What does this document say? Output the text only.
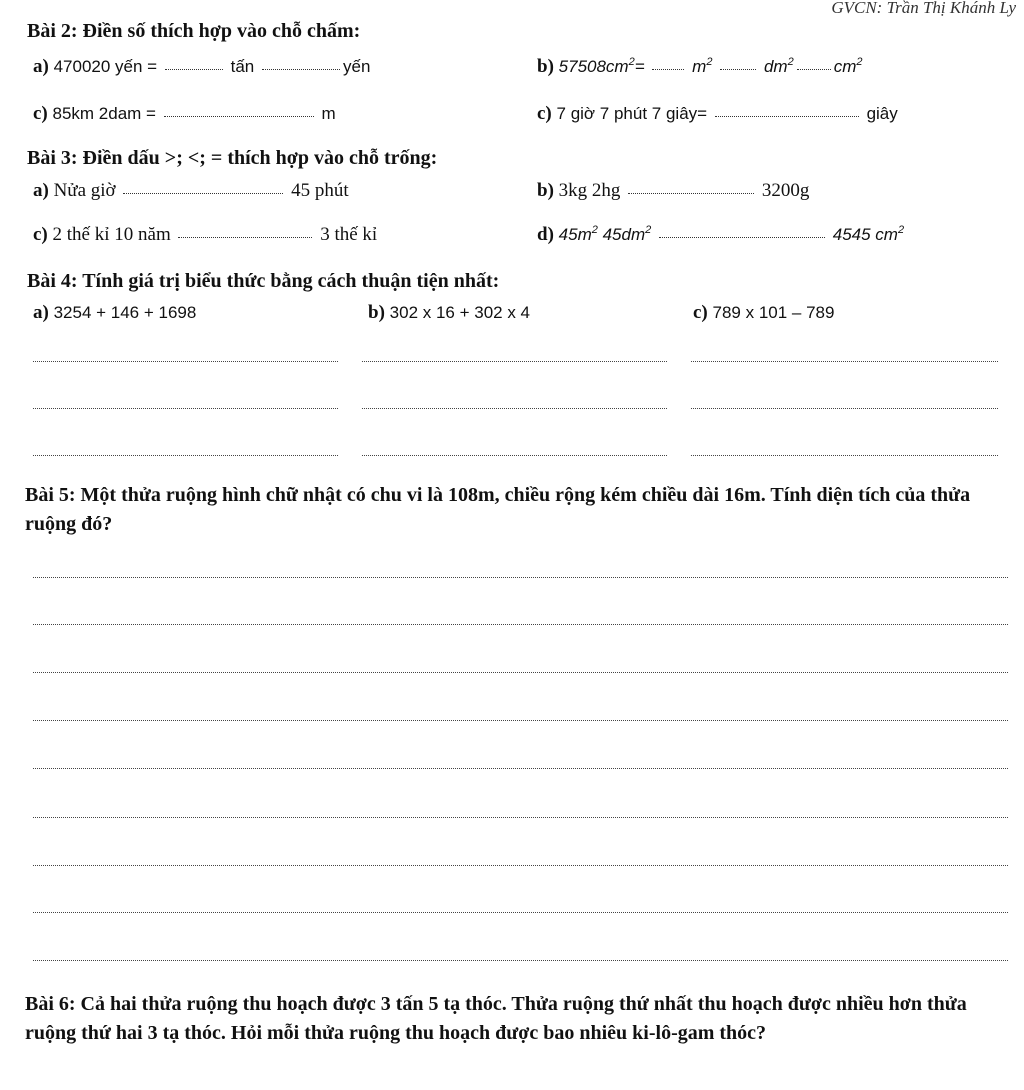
GVCN: Trần Thị Khánh Ly
Bài 2: Điền số thích hợp vào chỗ chấm:
a) 470020 yến =	tấn	yến	b) $57508cm^2=$	$m^2$	$dm^2$ $cm^2$
c) 85km 2dam =	m	c) 7 giờ 7 phút 7 giây=	giây
Bài 3: Điền dấu >; <; = thích hợp vào chỗ trống:
a) Nửa giờ	45 phút	b) 3kg 2hg	3200g
c) 2 thế kỉ 10 năm	3 thế kỉ	d) $45m^2$ $45dm^2$	4545 $cm^2$
Bài 4: Tính giá trị biểu thức bằng cách thuận tiện nhất:
a) 3254 + 146 + 1698	b) 302 x 16 + 302 x 4	c) 789 x 101 – 789
Bài 5: Một thửa ruộng hình chữ nhật có chu vi là 108m, chiều rộng kém chiều dài 16m. Tính diện tích của thửa ruộng đó?
Bài 6: Cả hai thửa ruộng thu hoạch được 3 tấn 5 tạ thóc. Thửa ruộng thứ nhất thu hoạch được nhiều hơn thửa ruộng thứ hai 3 tạ thóc. Hỏi mỗi thửa ruộng thu hoạch được bao nhiêu ki-lô-gam thóc?
